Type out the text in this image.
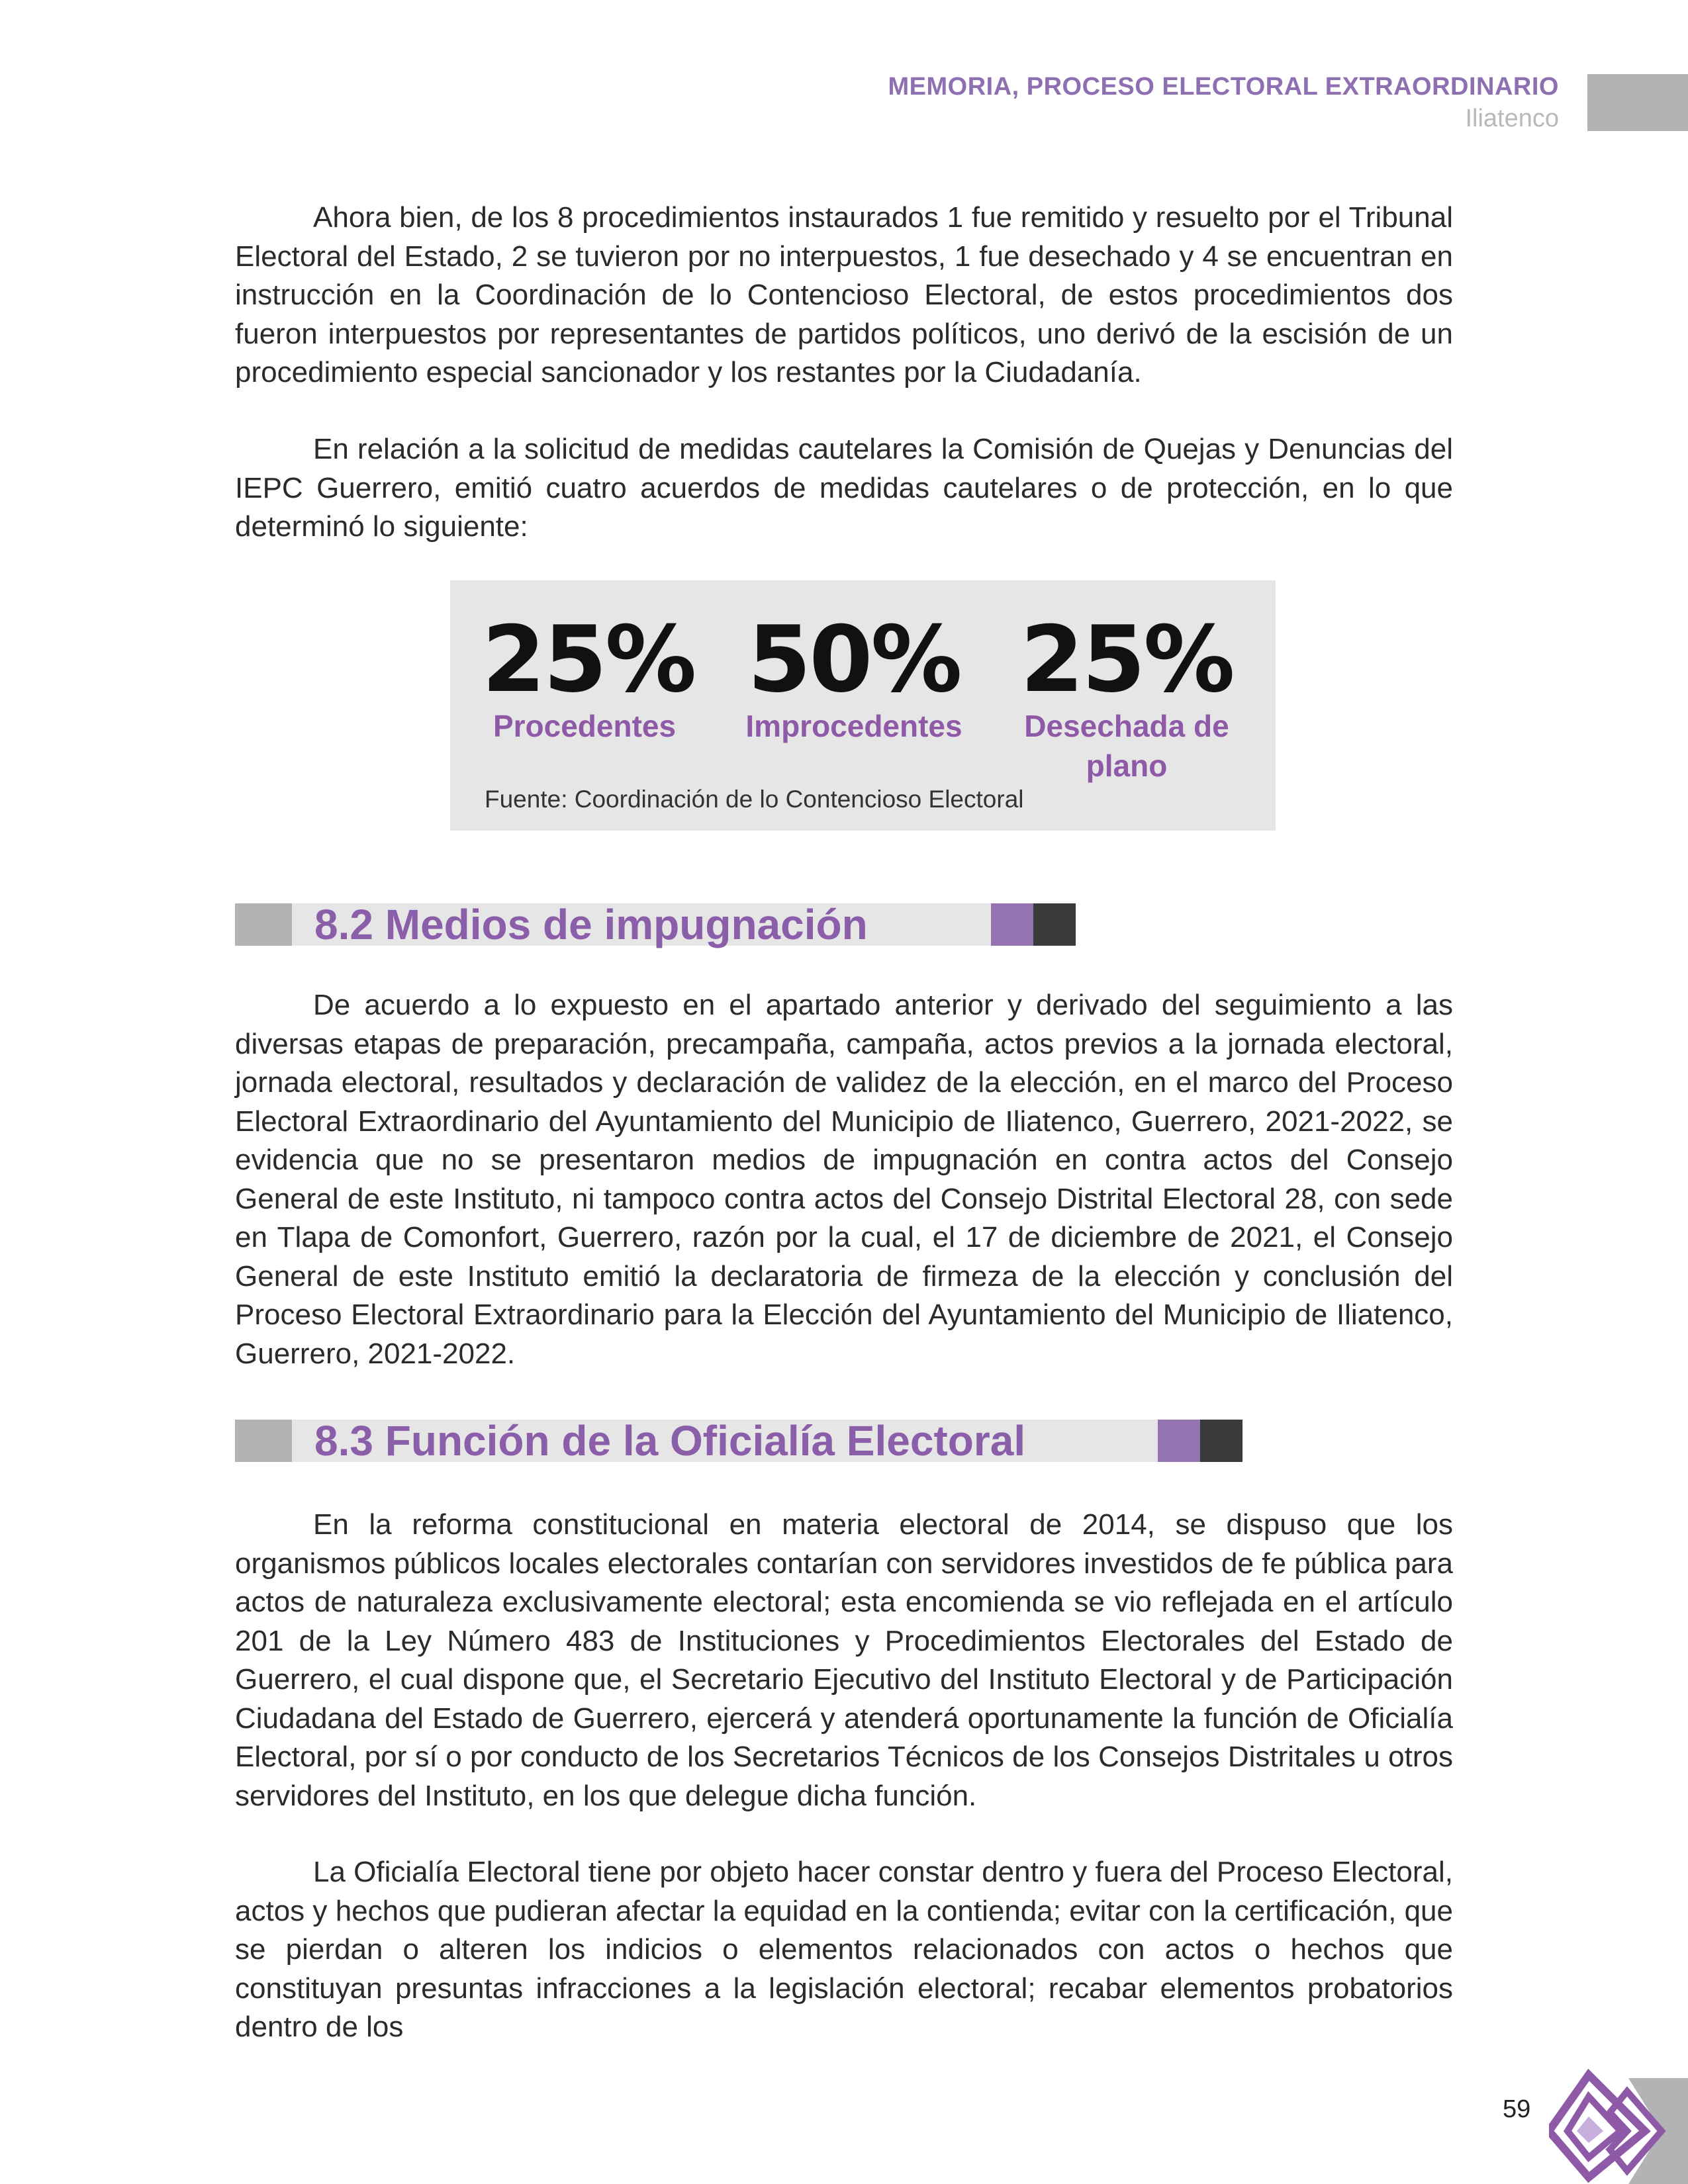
MEMORIA, PROCESO ELECTORAL EXTRAORDINARIO
Iliatenco

Ahora bien, de los 8 procedimientos instaurados 1 fue remitido y resuelto por el Tribunal Electoral del Estado, 2 se tuvieron por no interpuestos, 1 fue desechado y 4 se encuentran en instrucción en la Coordinación de lo Contencioso Electoral, de estos procedimientos dos fueron interpuestos por representantes de partidos políticos, uno derivó de la escisión de un procedimiento especial sancionador y los restantes por la Ciudadanía.

En relación a la solicitud de medidas cautelares la Comisión de Quejas y Denuncias del IEPC Guerrero, emitió cuatro acuerdos de medidas cautelares o de protección, en lo que determinó lo siguiente:

25%
Procedentes
50%
Improcedentes
25%
Desechada de plano
Fuente: Coordinación de lo Contencioso Electoral
8.2 Medios de impugnación

De acuerdo a lo expuesto en el apartado anterior y derivado del seguimiento a las diversas etapas de preparación, precampaña, campaña, actos previos a la jornada electoral, jornada electoral, resultados y declaración de validez de la elección, en el marco del Proceso Electoral Extraordinario del Ayuntamiento del Municipio de Iliatenco, Guerrero, 2021-2022, se evidencia que no se presentaron medios de impugnación en contra actos del Consejo General de este Instituto, ni tampoco contra actos del Consejo Distrital Electoral 28, con sede en Tlapa de Comonfort, Guerrero, razón por la cual, el 17 de diciembre de 2021, el Consejo General de este Instituto emitió la declaratoria de firmeza de la elección y conclusión del Proceso Electoral Extraordinario para la Elección del Ayuntamiento del Municipio de Iliatenco, Guerrero, 2021-2022.

8.3 Función de la Oficialía Electoral

En la reforma constitucional en materia electoral de 2014, se dispuso que los organismos públicos locales electorales contarían con servidores investidos de fe pública para actos de naturaleza exclusivamente electoral; esta encomienda se vio reflejada en el artículo 201 de la Ley Número 483 de Instituciones y Procedimientos Electorales del Estado de Guerrero, el cual dispone que, el Secretario Ejecutivo del Instituto Electoral y de Participación Ciudadana del Estado de Guerrero, ejercerá y atenderá oportunamente la función de Oficialía Electoral, por sí o por conducto de los Secretarios Técnicos de los Consejos Distritales u otros servidores del Instituto, en los que delegue dicha función.

La Oficialía Electoral tiene por objeto hacer constar dentro y fuera del Proceso Electoral, actos y hechos que pudieran afectar la equidad en la contienda; evitar con la certificación, que se pierdan o alteren los indicios o elementos relacionados con actos o hechos que constituyan presuntas infracciones a la legislación electoral; recabar elementos probatorios dentro de los

59
